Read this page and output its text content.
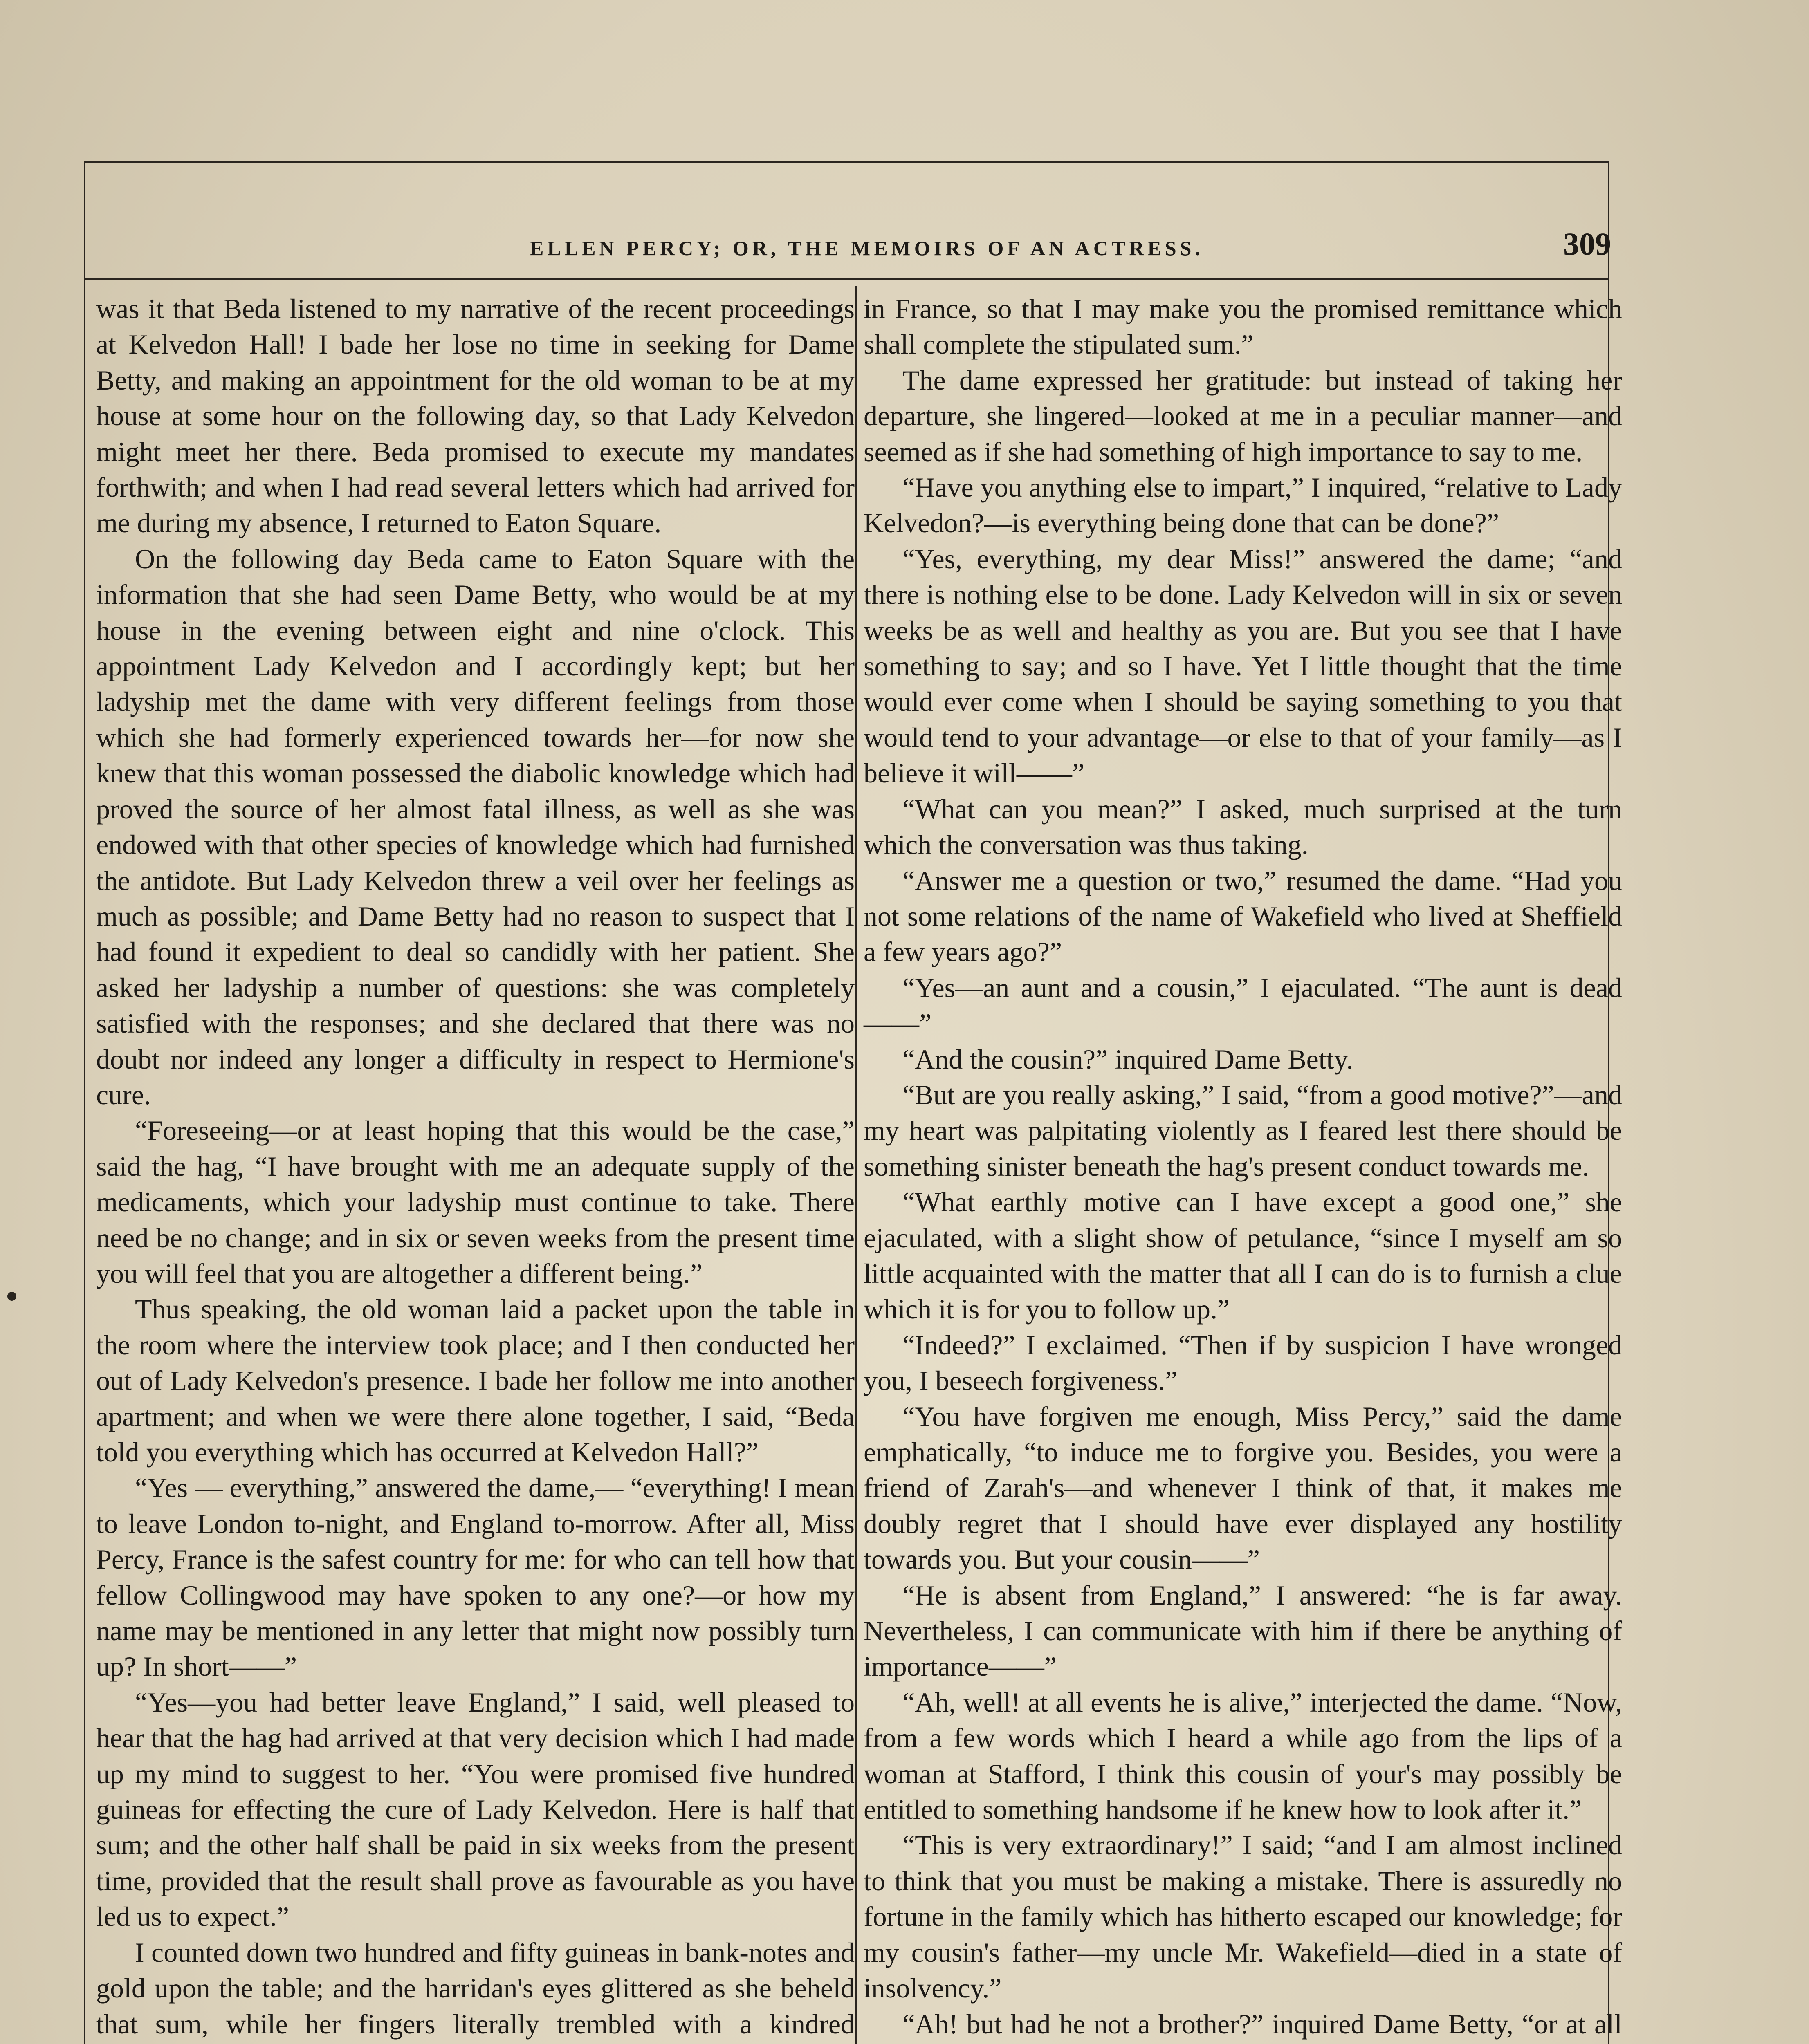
ELLEN PERCY; OR, THE MEMOIRS OF AN ACTRESS.	309

was it that Beda listened to my narrative of the recent proceedings at Kelvedon Hall! I bade her lose no time in seeking for Dame Betty, and making an appointment for the old woman to be at my house at some hour on the following day, so that Lady Kelvedon might meet her there. Beda promised to execute my mandates forthwith; and when I had read several letters which had arrived for me during my absence, I returned to Eaton Square.

On the following day Beda came to Eaton Square with the information that she had seen Dame Betty, who would be at my house in the evening between eight and nine o'clock. This appointment Lady Kelvedon and I accordingly kept; but her ladyship met the dame with very different feelings from those which she had formerly experienced towards her—for now she knew that this woman possessed the diabolic knowledge which had proved the source of her almost fatal illness, as well as she was endowed with that other species of knowledge which had furnished the antidote. But Lady Kelvedon threw a veil over her feelings as much as possible; and Dame Betty had no reason to suspect that I had found it expedient to deal so candidly with her patient. She asked her ladyship a number of questions: she was completely satisfied with the responses; and she declared that there was no doubt nor indeed any longer a difficulty in respect to Hermione's cure.

“Foreseeing—or at least hoping that this would be the case,” said the hag, “I have brought with me an adequate supply of the medicaments, which your ladyship must continue to take. There need be no change; and in six or seven weeks from the present time you will feel that you are altogether a different being.”

Thus speaking, the old woman laid a packet upon the table in the room where the interview took place; and I then conducted her out of Lady Kelvedon's presence. I bade her follow me into another apartment; and when we were there alone together, I said, “Beda told you everything which has occurred at Kelvedon Hall?”

“Yes — everything,” answered the dame,— “everything! I mean to leave London to-night, and England to-morrow. After all, Miss Percy, France is the safest country for me: for who can tell how that fellow Collingwood may have spoken to any one?—or how my name may be mentioned in any letter that might now possibly turn up? In short——”

“Yes—you had better leave England,” I said, well pleased to hear that the hag had arrived at that very decision which I had made up my mind to suggest to her. “You were promised five hundred guineas for effecting the cure of Lady Kelvedon. Here is half that sum; and the other half shall be paid in six weeks from the present time, provided that the result shall prove as favourable as you have led us to expect.”

I counted down two hundred and fifty guineas in bank-notes and gold upon the table; and the harridan's eyes glittered as she beheld that sum, while her fingers literally trembled with a kindred

in France, so that I may make you the promised remittance which shall complete the stipulated sum.”

The dame expressed her gratitude: but instead of taking her departure, she lingered—looked at me in a peculiar manner—and seemed as if she had something of high importance to say to me.

“Have you anything else to impart,” I inquired, “relative to Lady Kelvedon?—is everything being done that can be done?”

“Yes, everything, my dear Miss!” answered the dame; “and there is nothing else to be done. Lady Kelvedon will in six or seven weeks be as well and healthy as you are. But you see that I have something to say; and so I have. Yet I little thought that the time would ever come when I should be saying something to you that would tend to your advantage—or else to that of your family—as I believe it will——”

“What can you mean?” I asked, much surprised at the turn which the conversation was thus taking.

“Answer me a question or two,” resumed the dame. “Had you not some relations of the name of Wakefield who lived at Sheffield a few years ago?”

“Yes—an aunt and a cousin,” I ejaculated. “The aunt is dead——”

“And the cousin?” inquired Dame Betty.

“But are you really asking,” I said, “from a good motive?”—and my heart was palpitating violently as I feared lest there should be something sinister beneath the hag's present conduct towards me.

“What earthly motive can I have except a good one,” she ejaculated, with a slight show of petulance, “since I myself am so little acquainted with the matter that all I can do is to furnish a clue which it is for you to follow up.”

“Indeed?” I exclaimed. “Then if by suspicion I have wronged you, I beseech forgiveness.”

“You have forgiven me enough, Miss Percy,” said the dame emphatically, “to induce me to forgive you. Besides, you were a friend of Zarah's—and whenever I think of that, it makes me doubly regret that I should have ever displayed any hostility towards you. But your cousin——”

“He is absent from England,” I answered: “he is far away. Nevertheless, I can communicate with him if there be anything of importance——”

“Ah, well! at all events he is alive,” interjected the dame. “Now, from a few words which I heard a while ago from the lips of a woman at Stafford, I think this cousin of your's may possibly be entitled to something handsome if he knew how to look after it.”

“This is very extraordinary!” I said; “and I am almost inclined to think that you must be making a mistake. There is assuredly no fortune in the family which has hitherto escaped our knowledge; for my cousin's father—my uncle Mr. Wakefield—died in a state of insolvency.”

“Ah! but had he not a brother?” inquired Dame Betty, “or at all
